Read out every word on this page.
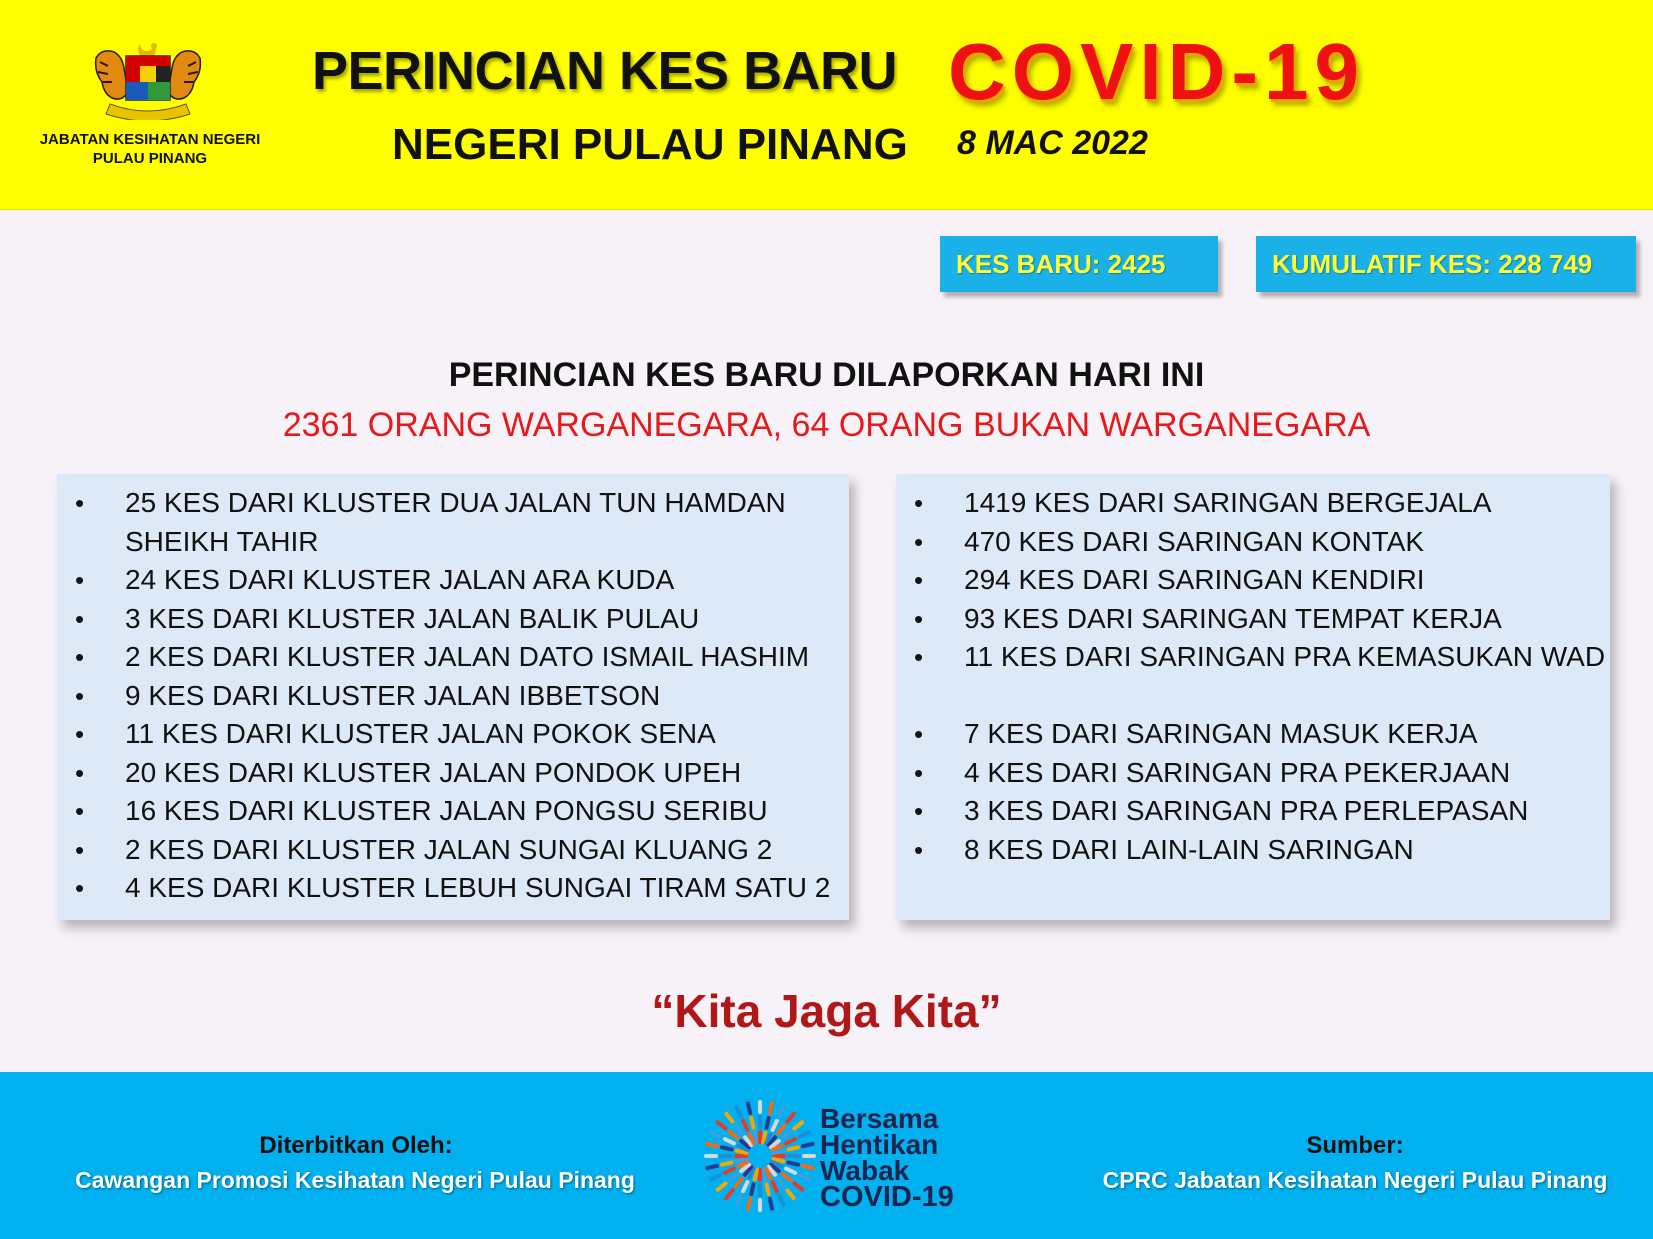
JABATAN KESIHATAN NEGERI PULAU PINANG
PERINCIAN KES BARU COVID-19
NEGERI PULAU PINANG 8 MAC 2022
KES BARU: 2425	KUMULATIF KES: 228 749
PERINCIAN KES BARU DILAPORKAN HARI INI
2361 ORANG WARGANEGARA, 64 ORANG BUKAN WARGANEGARA
• 25 KES DARI KLUSTER DUA JALAN TUN HAMDAN SHEIKH TAHIR
• 24 KES DARI KLUSTER JALAN ARA KUDA
• 3 KES DARI KLUSTER JALAN BALIK PULAU
• 2 KES DARI KLUSTER JALAN DATO ISMAIL HASHIM
• 9 KES DARI KLUSTER JALAN IBBETSON
• 11 KES DARI KLUSTER JALAN POKOK SENA
• 20 KES DARI KLUSTER JALAN PONDOK UPEH
• 16 KES DARI KLUSTER JALAN PONGSU SERIBU
• 2 KES DARI KLUSTER JALAN SUNGAI KLUANG 2
• 4 KES DARI KLUSTER LEBUH SUNGAI TIRAM SATU 2
• 1419 KES DARI SARINGAN BERGEJALA
• 470 KES DARI SARINGAN KONTAK
• 294 KES DARI SARINGAN KENDIRI
• 93 KES DARI SARINGAN TEMPAT KERJA
• 11 KES DARI SARINGAN PRA KEMASUKAN WAD
• 7 KES DARI SARINGAN MASUK KERJA
• 4 KES DARI SARINGAN PRA PEKERJAAN
• 3 KES DARI SARINGAN PRA PERLEPASAN
• 8 KES DARI LAIN-LAIN SARINGAN
“Kita Jaga Kita”
Diterbitkan Oleh:
Cawangan Promosi Kesihatan Negeri Pulau Pinang
Sumber:
CPRC Jabatan Kesihatan Negeri Pulau Pinang
Bersama
Hentikan
Wabak
COVID-19
